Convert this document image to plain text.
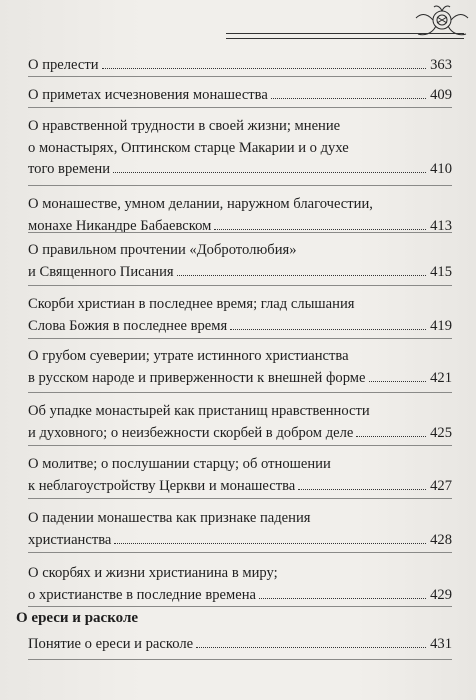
О прелести	363
О приметах исчезновения монашества	409
О нравственной трудности в своей жизни; мнение
о монастырях, Оптинском старце Макарии и о духе
того времени	410
О монашестве, умном делании, наружном благочестии,
монахе Никандре Бабаевском	413
О правильном прочтении «Добротолюбия»
и Священного Писания	415
Скорби христиан в последнее время; глад слышания
Слова Божия в последнее время	419
О грубом суеверии; утрате истинного христианства
в русском народе и приверженности к внешней форме	421
Об упадке монастырей как пристанищ нравственности
и духовного; о неизбежности скорбей в добром деле	425
О молитве; о послушании старцу; об отношении
к неблагоустройству Церкви и монашества	427
О падении монашества как признаке падения
христианства	428
О скорбях и жизни христианина в миру;
о христианстве в последние времена	429
О ереси и расколе
Понятие о ереси и расколе	431
